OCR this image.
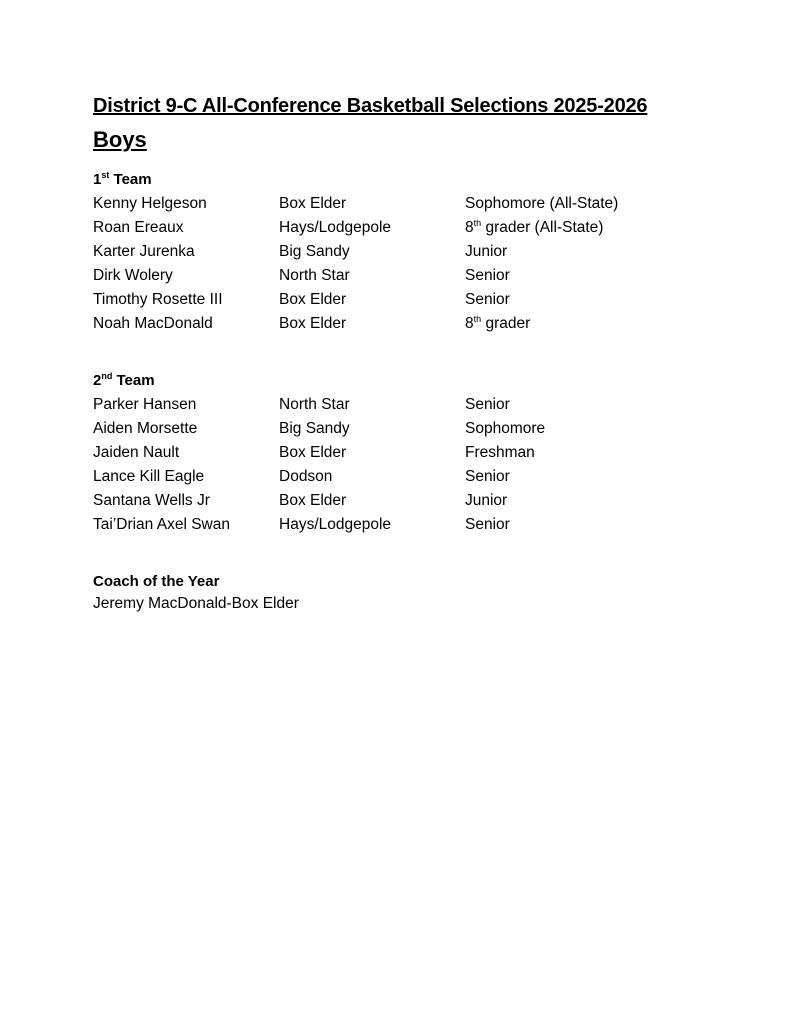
District 9-C All-Conference Basketball Selections 2025-2026
Boys
1st Team
Kenny Helgeson	Box Elder	Sophomore (All-State)
Roan Ereaux	Hays/Lodgepole	8th grader (All-State)
Karter Jurenka	Big Sandy	Junior
Dirk Wolery	North Star	Senior
Timothy Rosette III	Box Elder	Senior
Noah MacDonald	Box Elder	8th grader
2nd Team
Parker Hansen	North Star	Senior
Aiden Morsette	Big Sandy	Sophomore
Jaiden Nault	Box Elder	Freshman
Lance Kill Eagle	Dodson	Senior
Santana Wells Jr	Box Elder	Junior
Tai’Drian Axel Swan	Hays/Lodgepole	Senior
Coach of the Year
Jeremy MacDonald-Box Elder
